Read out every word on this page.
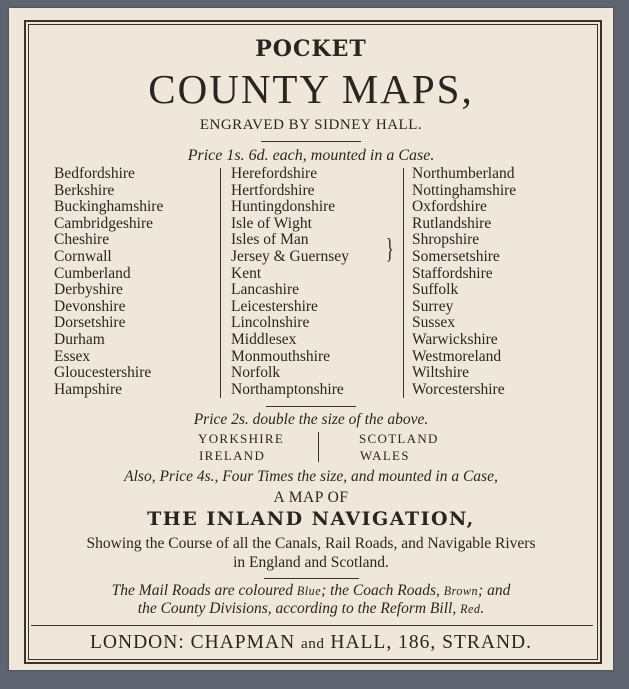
POCKET
COUNTY MAPS,
ENGRAVED BY SIDNEY HALL.
Price 1s. 6d. each, mounted in a Case.
Bedfordshire
Berkshire
Buckinghamshire
Cambridgeshire
Cheshire
Cornwall
Cumberland
Derbyshire
Devonshire
Dorsetshire
Durham
Essex
Gloucestershire
Hampshire
Herefordshire
Hertfordshire
Huntingdonshire
Isle of Wight
Isles of Man
Jersey & Guernsey
Kent
Lancashire
Leicestershire
Lincolnshire
Middlesex
Monmouthshire
Norfolk
Northamptonshire
}
Northumberland
Nottinghamshire
Oxfordshire
Rutlandshire
Shropshire
Somersetshire
Staffordshire
Suffolk
Surrey
Sussex
Warwickshire
Westmoreland
Wiltshire
Worcestershire
Price 2s. double the size of the above.
YORKSHIRE
IRELAND
SCOTLAND
WALES
Also, Price 4s., Four Times the size, and mounted in a Case,
A MAP OF
THE INLAND NAVIGATION,
Showing the Course of all the Canals, Rail Roads, and Navigable Rivers
in England and Scotland.
The Mail Roads are coloured Blue; the Coach Roads, Brown; and
the County Divisions, according to the Reform Bill, Red.
LONDON: CHAPMAN and HALL, 186, STRAND.
